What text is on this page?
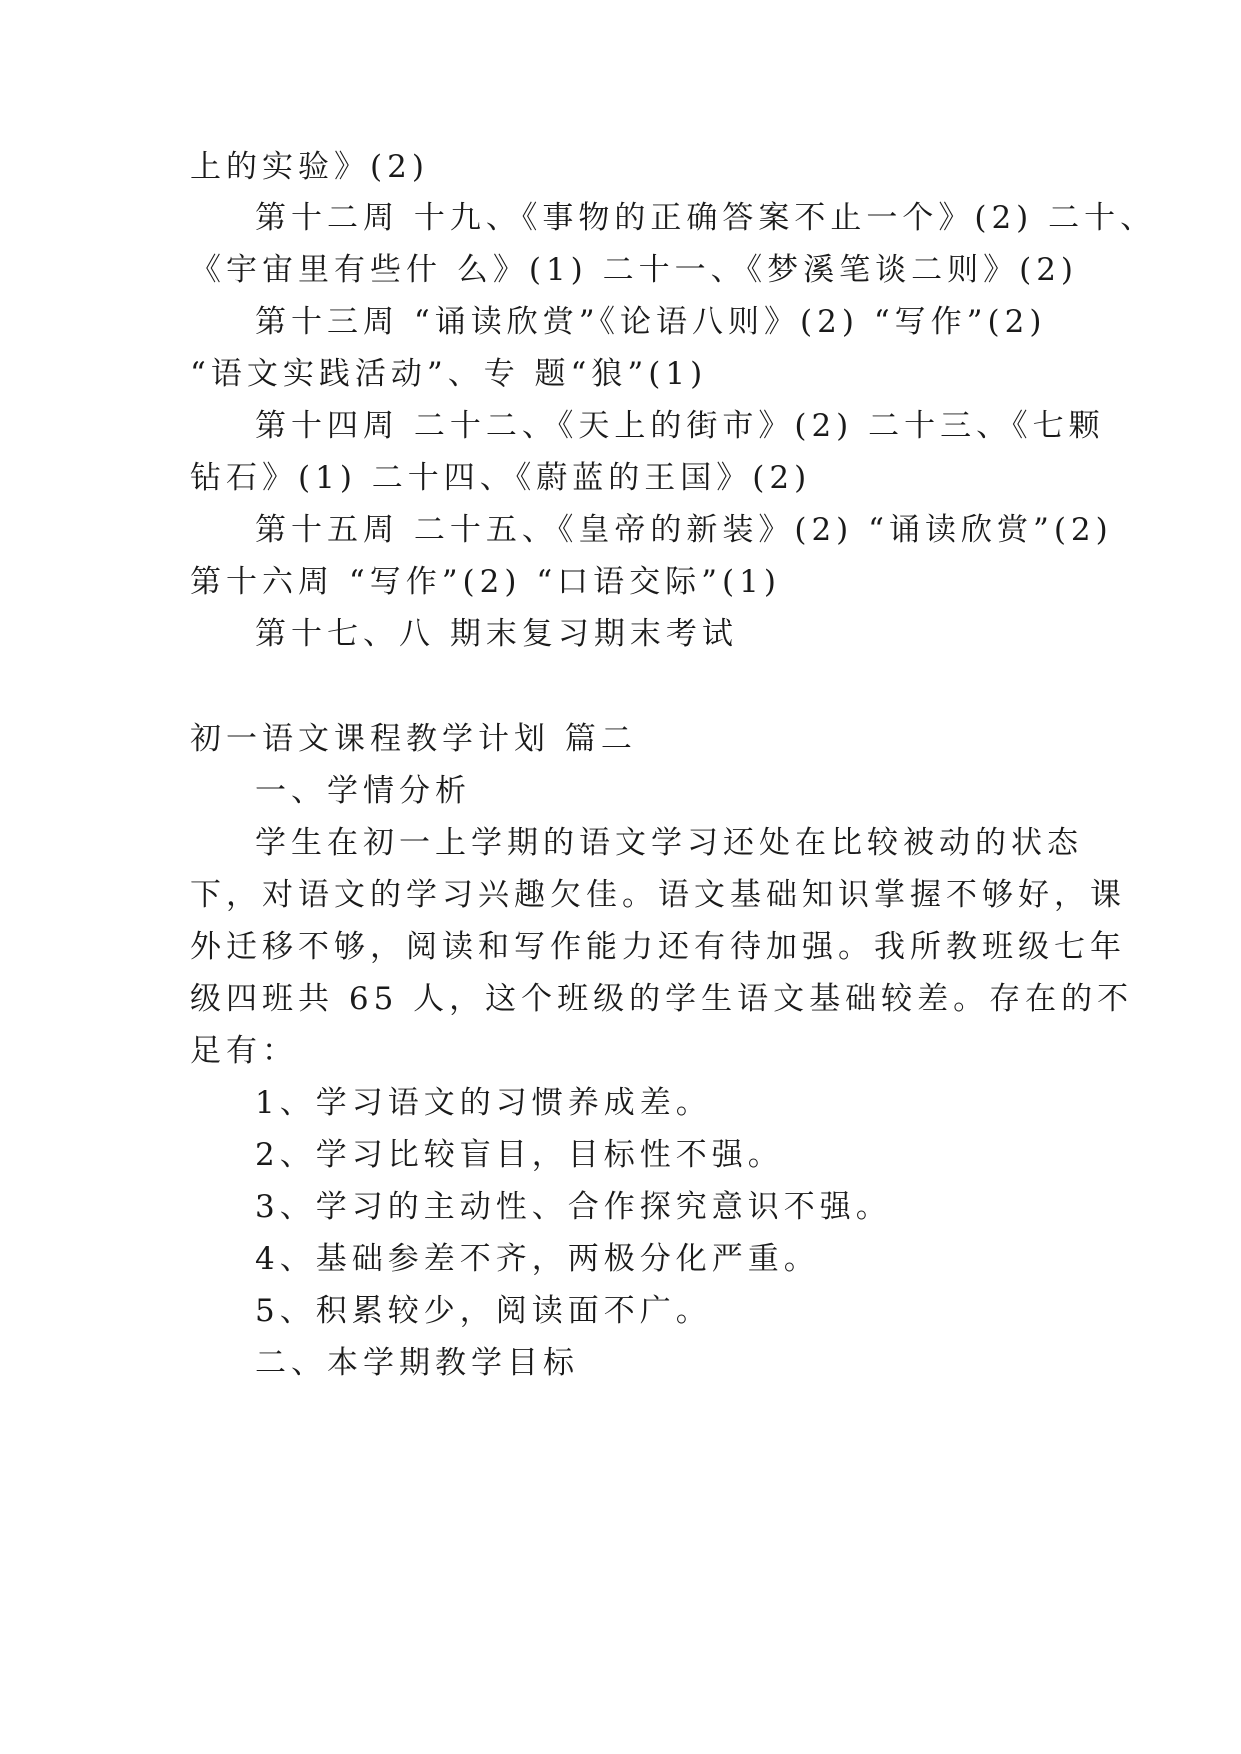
上的实验》(2)
第十二周 十九、《事物的正确答案不止一个》(2) 二十、
《宇宙里有些什 么》(1) 二十一、《梦溪笔谈二则》(2)
第十三周 “诵读欣赏”《论语八则》(2) “写作”(2)
“语文实践活动”、专 题“狼”(1)
第十四周 二十二、《天上的街市》(2) 二十三、《七颗
钻石》(1) 二十四、《蔚蓝的王国》(2)
第十五周 二十五、《皇帝的新装》(2) “诵读欣赏”(2)
第十六周 “写作”(2) “口语交际”(1)
第十七、八 期末复习期末考试
初一语文课程教学计划 篇二
一、学情分析
学生在初一上学期的语文学习还处在比较被动的状态
下，对语文的学习兴趣欠佳。语文基础知识掌握不够好，课
外迁移不够，阅读和写作能力还有待加强。我所教班级七年
级四班共 65 人，这个班级的学生语文基础较差。存在的不
足有：
1、学习语文的习惯养成差。
2、学习比较盲目，目标性不强。
3、学习的主动性、合作探究意识不强。
4、基础参差不齐，两极分化严重。
5、积累较少，阅读面不广。
二、本学期教学目标
